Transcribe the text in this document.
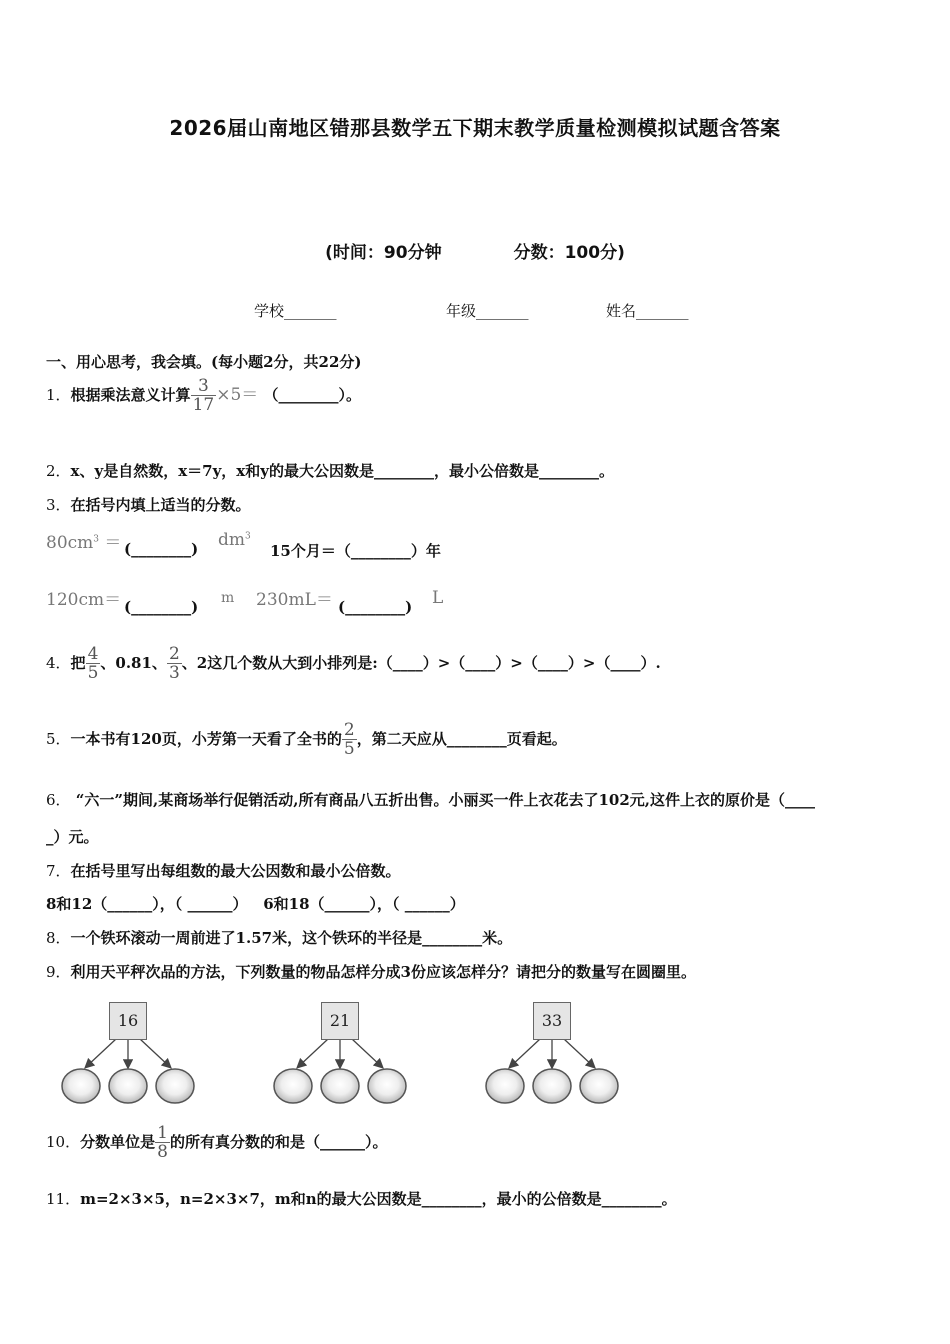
2026届山南地区错那县数学五下期末教学质量检测模拟试题含答案
(时间：90分钟	分数：100分)
学校_______	年级_______	姓名_______
一、用心思考，我会填。(每小题2分，共22分)
1．根据乘法意义计算 $\frac{3}{17} \times 5=$ （________）。
2．x、y是自然数，x＝7y，x和y的最大公因数是________，最小公倍数是________。
3．在括号内填上适当的分数。
$80cm^3$ ＝ (________) $dm^3$
15个月＝（________）年
120cm＝ (________) m 230mL＝ (________) L
4．把 $\frac{4}{5}$ 、0.81、 $\frac{2}{3}$ 、2这几个数从大到小排列是:（____）>（____）>（____）>（____）.
5．一本书有120页，小芳第一天看了全书的 $\frac{2}{5}$ ，第二天应从________页看起。
6． “六一”期间,某商场举行促销活动,所有商品八五折出售。小丽买一件上衣花去了102元,这件上衣的原价是（____
_）元。
7．在括号里写出每组数的最大公因数和最小公倍数。
8和12（______），（ ______）   6和18（______），（ ______）
8．一个铁环滚动一周前进了1.57米，这个铁环的半径是________米。
9．利用天平秤次品的方法，下列数量的物品怎样分成3份应该怎样分？请把分的数量写在圆圈里。
16	21	33
10．分数单位是 $\frac{1}{8}$ 的所有真分数的和是（______）。
11．m=2×3×5，n=2×3×7，m和n的最大公因数是________，最小的公倍数是________。
